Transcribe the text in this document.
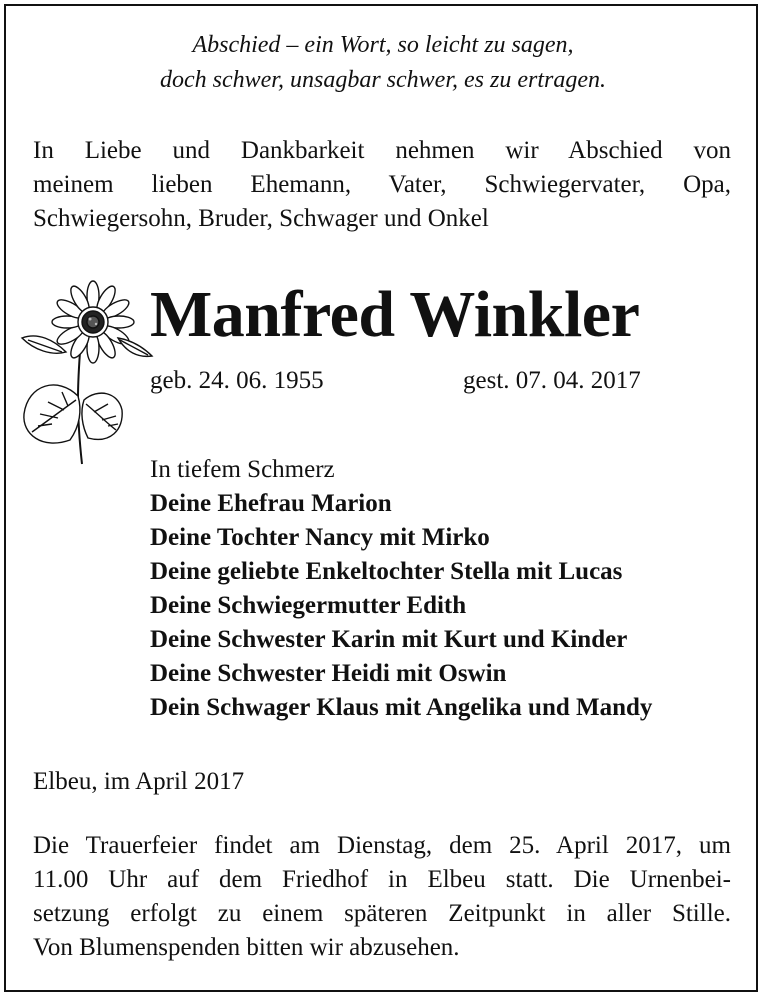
Abschied – ein Wort, so leicht zu sagen,
doch schwer, unsagbar schwer, es zu ertragen.
In Liebe und Dankbarkeit nehmen wir Abschied von
meinem lieben Ehemann, Vater, Schwiegervater, Opa,
Schwiegersohn, Bruder, Schwager und Onkel
Manfred Winkler
geb. 24. 06. 1955	gest. 07. 04. 2017
In tiefem Schmerz
Deine Ehefrau Marion
Deine Tochter Nancy mit Mirko
Deine geliebte Enkeltochter Stella mit Lucas
Deine Schwiegermutter Edith
Deine Schwester Karin mit Kurt und Kinder
Deine Schwester Heidi mit Oswin
Dein Schwager Klaus mit Angelika und Mandy
Elbeu, im April 2017
Die Trauerfeier findet am Dienstag, dem 25. April 2017, um
11.00 Uhr auf dem Friedhof in Elbeu statt. Die Urnenbei-
setzung erfolgt zu einem späteren Zeitpunkt in aller Stille.
Von Blumenspenden bitten wir abzusehen.
